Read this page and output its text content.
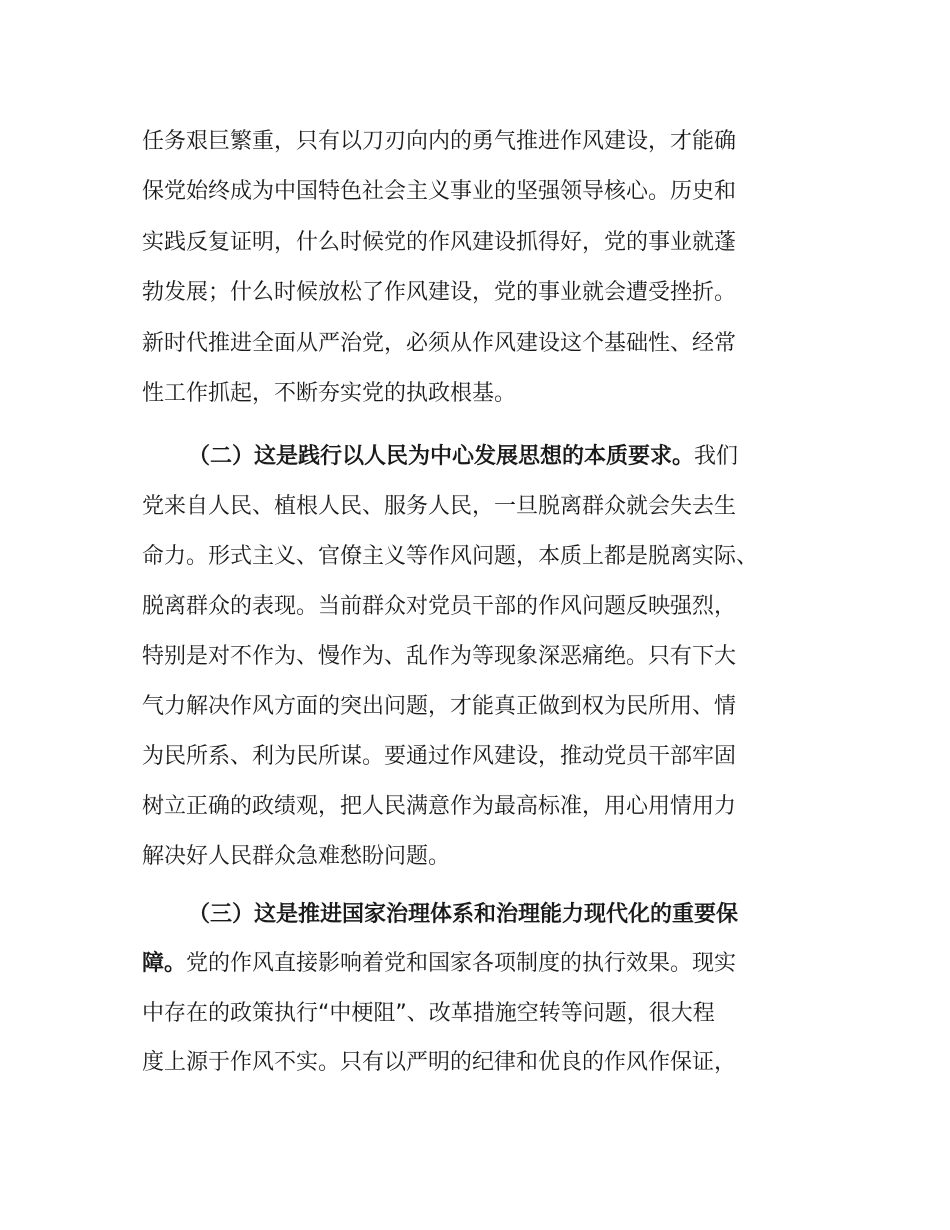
任务艰巨繁重，只有以刀刃向内的勇气推进作风建设，才能确
保党始终成为中国特色社会主义事业的坚强领导核心。历史和
实践反复证明，什么时候党的作风建设抓得好，党的事业就蓬
勃发展；什么时候放松了作风建设，党的事业就会遭受挫折。
新时代推进全面从严治党，必须从作风建设这个基础性、经常
性工作抓起，不断夯实党的执政根基。
（二）这是践行以人民为中心发展思想的本质要求。我们
党来自人民、植根人民、服务人民，一旦脱离群众就会失去生
命力。形式主义、官僚主义等作风问题，本质上都是脱离实际、
脱离群众的表现。当前群众对党员干部的作风问题反映强烈，
特别是对不作为、慢作为、乱作为等现象深恶痛绝。只有下大
气力解决作风方面的突出问题，才能真正做到权为民所用、情
为民所系、利为民所谋。要通过作风建设，推动党员干部牢固
树立正确的政绩观，把人民满意作为最高标准，用心用情用力
解决好人民群众急难愁盼问题。
（三）这是推进国家治理体系和治理能力现代化的重要保
障。党的作风直接影响着党和国家各项制度的执行效果。现实
中存在的政策执行“中梗阻”、改革措施空转等问题，很大程
度上源于作风不实。只有以严明的纪律和优良的作风作保证，
